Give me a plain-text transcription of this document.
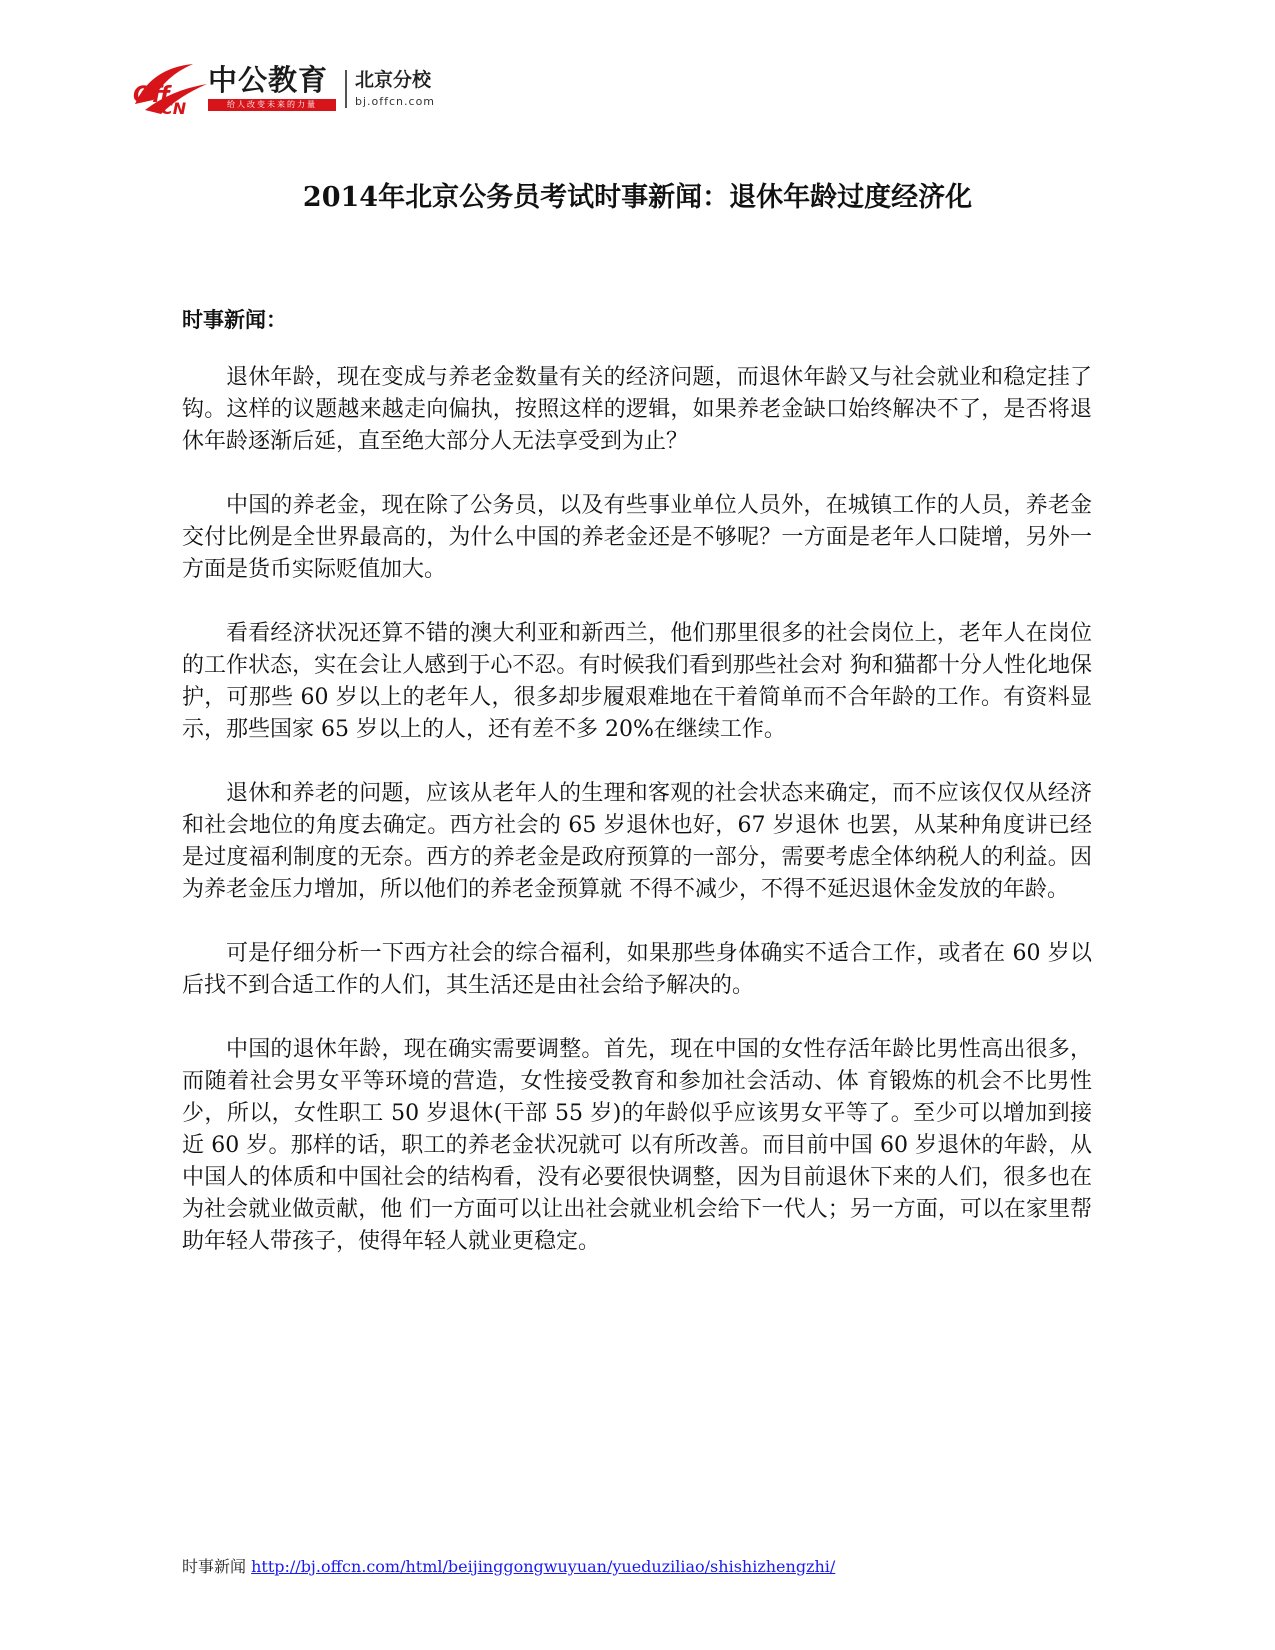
Off
CN
中公教育
给人改变未来的力量
北京分校
bj.offcn.com
2014年北京公务员考试时事新闻：退休年龄过度经济化
时事新闻：

退休年龄，现在变成与养老金数量有关的经济问题，而退休年龄又与社会就业和稳定挂了钩。这样的议题越来越走向偏执，按照这样的逻辑，如果养老金缺口始终解决不了，是否将退休年龄逐渐后延，直至绝大部分人无法享受到为止？

中国的养老金，现在除了公务员，以及有些事业单位人员外，在城镇工作的人员，养老金交付比例是全世界最高的，为什么中国的养老金还是不够呢？一方面是老年人口陡增，另外一方面是货币实际贬值加大。

看看经济状况还算不错的澳大利亚和新西兰，他们那里很多的社会岗位上，老年人在岗位的工作状态，实在会让人感到于心不忍。有时候我们看到那些社会对 狗和猫都十分人性化地保护，可那些 60 岁以上的老年人，很多却步履艰难地在干着简单而不合年龄的工作。有资料显示，那些国家 65 岁以上的人，还有差不多 20%在继续工作。

退休和养老的问题，应该从老年人的生理和客观的社会状态来确定，而不应该仅仅从经济和社会地位的角度去确定。西方社会的 65 岁退休也好，67 岁退休 也罢，从某种角度讲已经是过度福利制度的无奈。西方的养老金是政府预算的一部分，需要考虑全体纳税人的利益。因为养老金压力增加，所以他们的养老金预算就 不得不减少，不得不延迟退休金发放的年龄。

可是仔细分析一下西方社会的综合福利，如果那些身体确实不适合工作，或者在 60 岁以后找不到合适工作的人们，其生活还是由社会给予解决的。

中国的退休年龄，现在确实需要调整。首先，现在中国的女性存活年龄比男性高出很多，而随着社会男女平等环境的营造，女性接受教育和参加社会活动、体 育锻炼的机会不比男性少，所以，女性职工 50 岁退休(干部 55 岁)的年龄似乎应该男女平等了。至少可以增加到接近 60 岁。那样的话，职工的养老金状况就可 以有所改善。而目前中国 60 岁退休的年龄，从中国人的体质和中国社会的结构看，没有必要很快调整，因为目前退休下来的人们，很多也在为社会就业做贡献，他 们一方面可以让出社会就业机会给下一代人；另一方面，可以在家里帮助年轻人带孩子，使得年轻人就业更稳定。

时事新闻 http://bj.offcn.com/html/beijinggongwuyuan/yueduziliao/shishizhengzhi/
